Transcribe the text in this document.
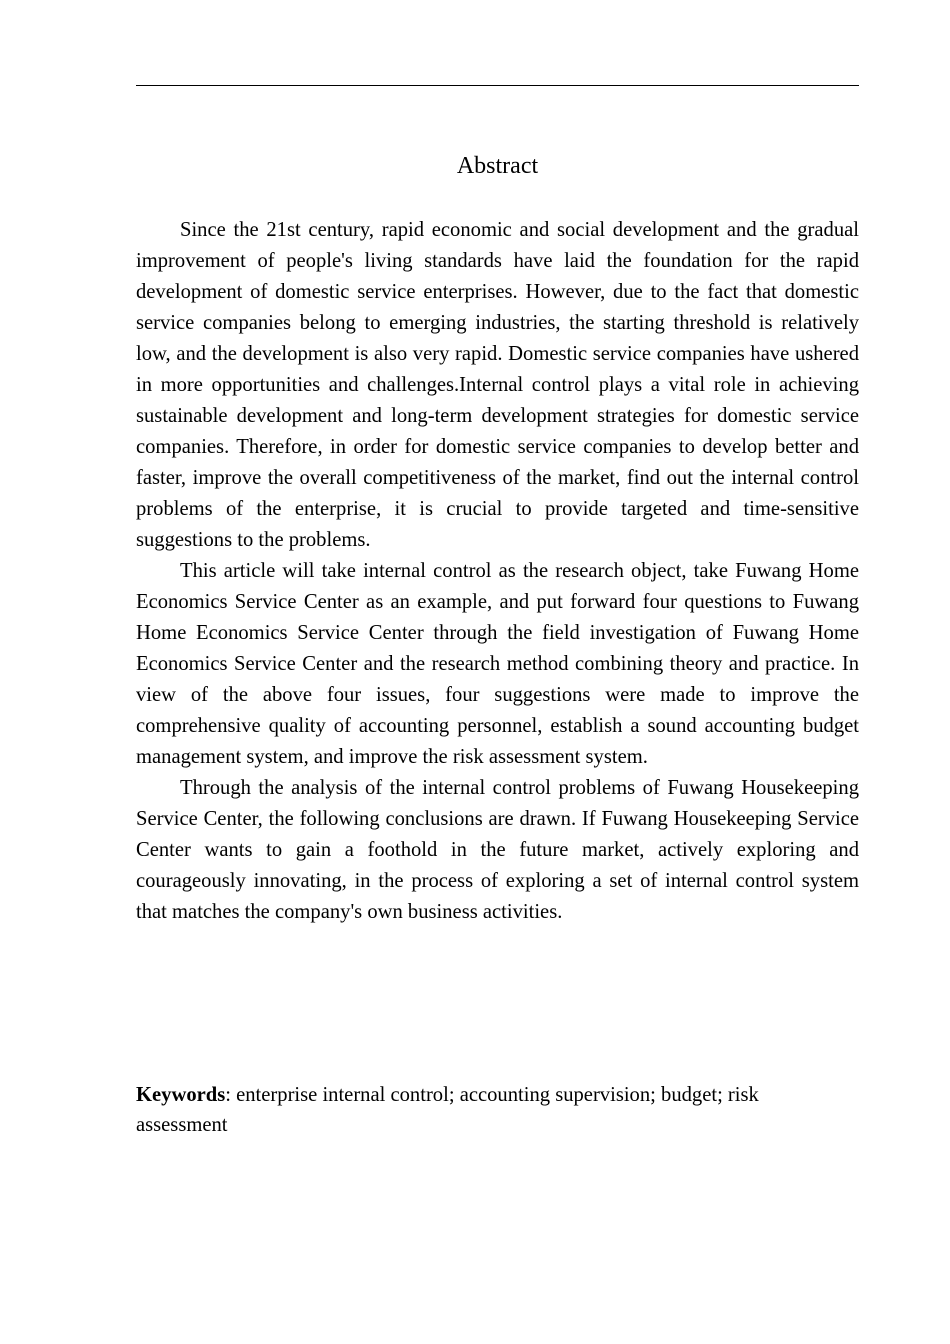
Abstract

Since the 21st century, rapid economic and social development and the gradual improvement of people's living standards have laid the foundation for the rapid development of domestic service enterprises. However, due to the fact that domestic service companies belong to emerging industries, the starting threshold is relatively low, and the development is also very rapid. Domestic service companies have ushered in more opportunities and challenges.Internal control plays a vital role in achieving sustainable development and long-term development strategies for domestic service companies. Therefore, in order for domestic service companies to develop better and faster, improve the overall competitiveness of the market, find out the internal control problems of the enterprise, it is crucial to provide targeted and time-sensitive suggestions to the problems.

This article will take internal control as the research object, take Fuwang Home Economics Service Center as an example, and put forward four questions to Fuwang Home Economics Service Center through the field investigation of Fuwang Home Economics Service Center and the research method combining theory and practice. In view of the above four issues, four suggestions were made to improve the comprehensive quality of accounting personnel, establish a sound accounting budget management system, and improve the risk assessment system.

Through the analysis of the internal control problems of Fuwang Housekeeping Service Center, the following conclusions are drawn. If Fuwang Housekeeping Service Center wants to gain a foothold in the future market, actively exploring and courageously innovating, in the process of exploring a set of internal control system that matches the company's own business activities.

Keywords: enterprise internal control; accounting supervision; budget; risk assessment
